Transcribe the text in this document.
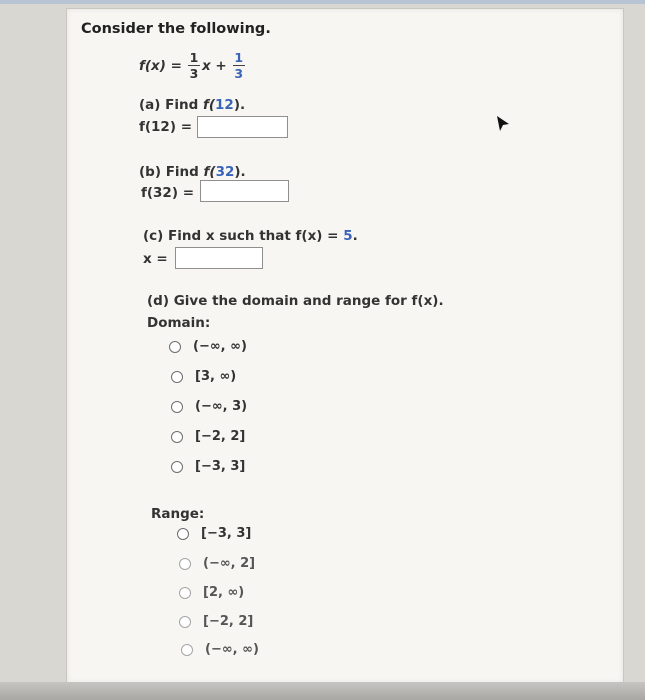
Consider the following.
$f(x) = \frac{1}{3}$ $x + \frac{1}{3}$
(a) Find f(12).
f(12) =
(b) Find f(32).
f(32) =
(c) Find x such that f(x) = 5.
x =
(d) Give the domain and range for f(x).
Domain:
(−∞, ∞)
[3, ∞)
(−∞, 3)
[−2, 2]
[−3, 3]
Range:
[−3, 3]
(−∞, 2]
[2, ∞)
[−2, 2]
(−∞, ∞)
